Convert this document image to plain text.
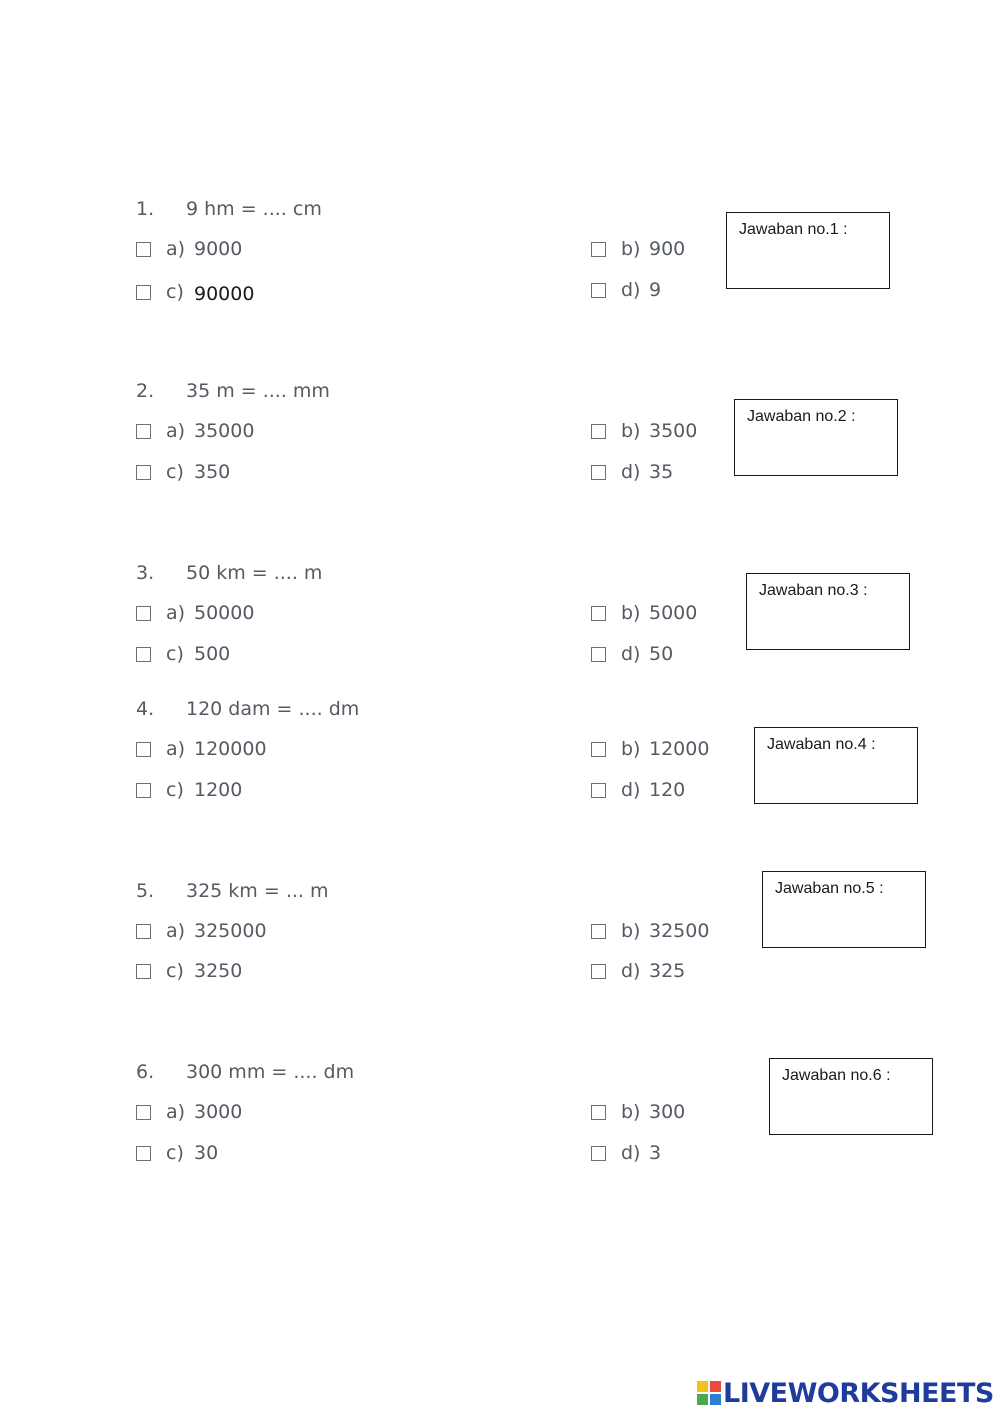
1. 9 hm = .... cm
a) 9000	b) 900
c) 90000	d) 9
Jawaban no.1 :
2. 35 m = .... mm
a) 35000	b) 3500
c) 350	d) 35
Jawaban no.2 :
3. 50 km = .... m
a) 50000	b) 5000
c) 500	d) 50
Jawaban no.3 :
4. 120 dam = .... dm
a) 120000	b) 12000
c) 1200	d) 120
Jawaban no.4 :
5. 325 km = ... m
a) 325000	b) 32500
c) 3250	d) 325
Jawaban no.5 :
6. 300 mm = .... dm
a) 3000	b) 300
c) 30	d) 3
Jawaban no.6 :
LIVEWORKSHEETS
